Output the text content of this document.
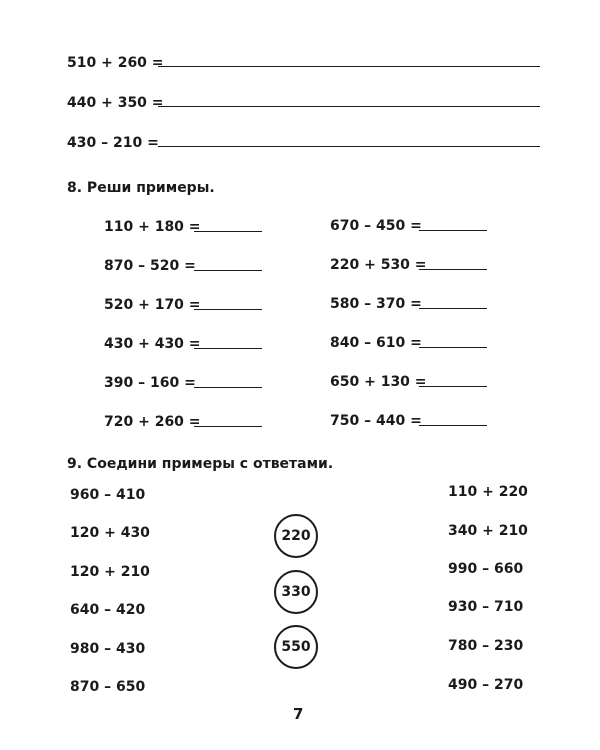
510 + 260 =
440 + 350 =
430 – 210 =
8. Реши примеры.
110 + 180 =
870 – 520 =
520 + 170 =
430 + 430 =
390 – 160 =
720 + 260 =
670 – 450 =
220 + 530 =
580 – 370 =
840 – 610 =
650 + 130 =
750 – 440 =
9. Соедини примеры с ответами.
960 – 410
120 + 430
120 + 210
640 – 420
980 – 430
870 – 650
220
330
550
110 + 220
340 + 210
990 – 660
930 – 710
780 – 230
490 – 270
7
